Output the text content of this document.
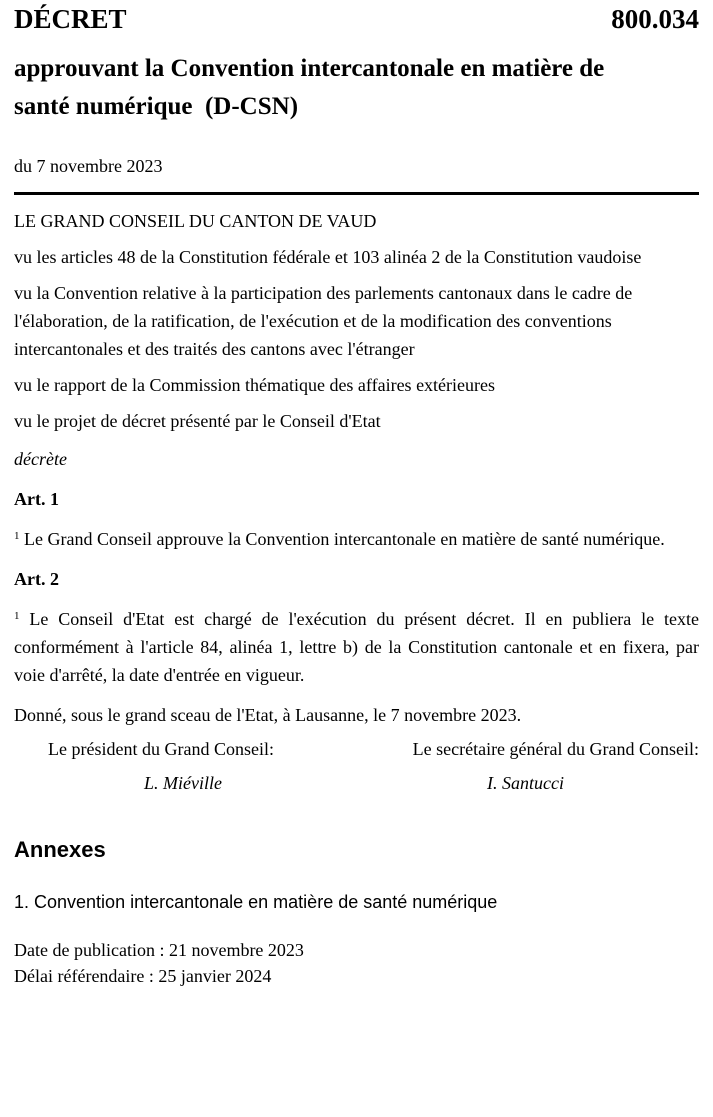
DÉCRET	800.034
approuvant la Convention intercantonale en matière de
santé numérique  (D-CSN)
du 7 novembre 2023
LE GRAND CONSEIL DU CANTON DE VAUD
vu les articles 48 de la Constitution fédérale et 103 alinéa 2 de la Constitution vaudoise
vu la Convention relative à la participation des parlements cantonaux dans le cadre de l'élaboration, de la ratification, de l'exécution et de la modification des conventions intercantonales et des traités des cantons avec l'étranger
vu le rapport de la Commission thématique des affaires extérieures
vu le projet de décret présenté par le Conseil d'Etat
décrète
Art. 1
$^1$ Le Grand Conseil approuve la Convention intercantonale en matière de santé numérique.
Art. 2
$^1$ Le Conseil d'Etat est chargé de l'exécution du présent décret. Il en publiera le texte conformément à l'article 84, alinéa 1, lettre b) de la Constitution cantonale et en fixera, par voie d'arrêté, la date d'entrée en vigueur.
Donné, sous le grand sceau de l'Etat, à Lausanne, le 7 novembre 2023.
Le président du Grand Conseil:	Le secrétaire général du Grand Conseil:
L. Miéville	I. Santucci
Annexes
1. Convention intercantonale en matière de santé numérique
Date de publication : 21 novembre 2023
Délai référendaire : 25 janvier 2024
